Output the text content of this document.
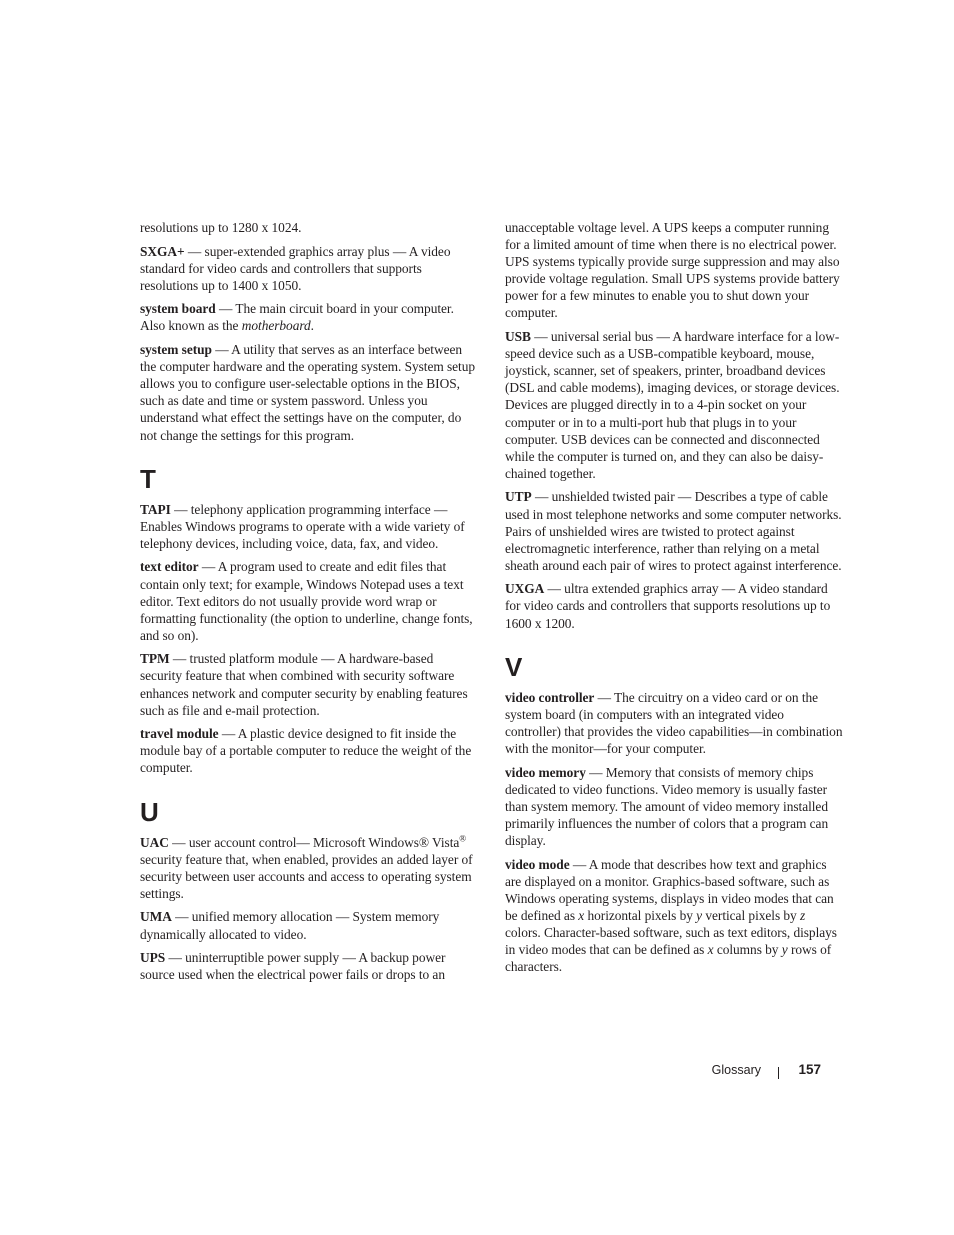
resolutions up to 1280 x 1024.

SXGA+ — super-extended graphics array plus — A video standard for video cards and controllers that supports resolutions up to 1400 x 1050.

system board — The main circuit board in your computer. Also known as the motherboard.

system setup — A utility that serves as an interface between the computer hardware and the operating system. System setup allows you to configure user-selectable options in the BIOS, such as date and time or system password. Unless you understand what effect the settings have on the computer, do not change the settings for this program.

T

TAPI — telephony application programming interface — Enables Windows programs to operate with a wide variety of telephony devices, including voice, data, fax, and video.

text editor — A program used to create and edit files that contain only text; for example, Windows Notepad uses a text editor. Text editors do not usually provide word wrap or formatting functionality (the option to underline, change fonts, and so on).

TPM — trusted platform module — A hardware-based security feature that when combined with security software enhances network and computer security by enabling features such as file and e-mail protection.

travel module — A plastic device designed to fit inside the module bay of a portable computer to reduce the weight of the computer.

U

UAC — user account control— Microsoft Windows® Vista® security feature that, when enabled, provides an added layer of security between user accounts and access to operating system settings.

UMA — unified memory allocation — System memory dynamically allocated to video.

UPS — uninterruptible power supply — A backup power source used when the electrical power fails or drops to an

unacceptable voltage level. A UPS keeps a computer running for a limited amount of time when there is no electrical power. UPS systems typically provide surge suppression and may also provide voltage regulation. Small UPS systems provide battery power for a few minutes to enable you to shut down your computer.

USB — universal serial bus — A hardware interface for a low-speed device such as a USB-compatible keyboard, mouse, joystick, scanner, set of speakers, printer, broadband devices (DSL and cable modems), imaging devices, or storage devices. Devices are plugged directly in to a 4-pin socket on your computer or in to a multi-port hub that plugs in to your computer. USB devices can be connected and disconnected while the computer is turned on, and they can also be daisy-chained together.

UTP — unshielded twisted pair — Describes a type of cable used in most telephone networks and some computer networks. Pairs of unshielded wires are twisted to protect against electromagnetic interference, rather than relying on a metal sheath around each pair of wires to protect against interference.

UXGA — ultra extended graphics array — A video standard for video cards and controllers that supports resolutions up to 1600 x 1200.

V

video controller — The circuitry on a video card or on the system board (in computers with an integrated video controller) that provides the video capabilities—in combination with the monitor—for your computer.

video memory — Memory that consists of memory chips dedicated to video functions. Video memory is usually faster than system memory. The amount of video memory installed primarily influences the number of colors that a program can display.

video mode — A mode that describes how text and graphics are displayed on a monitor. Graphics-based software, such as Windows operating systems, displays in video modes that can be defined as x horizontal pixels by y vertical pixels by z colors. Character-based software, such as text editors, displays in video modes that can be defined as x columns by y rows of characters.

Glossary	157
